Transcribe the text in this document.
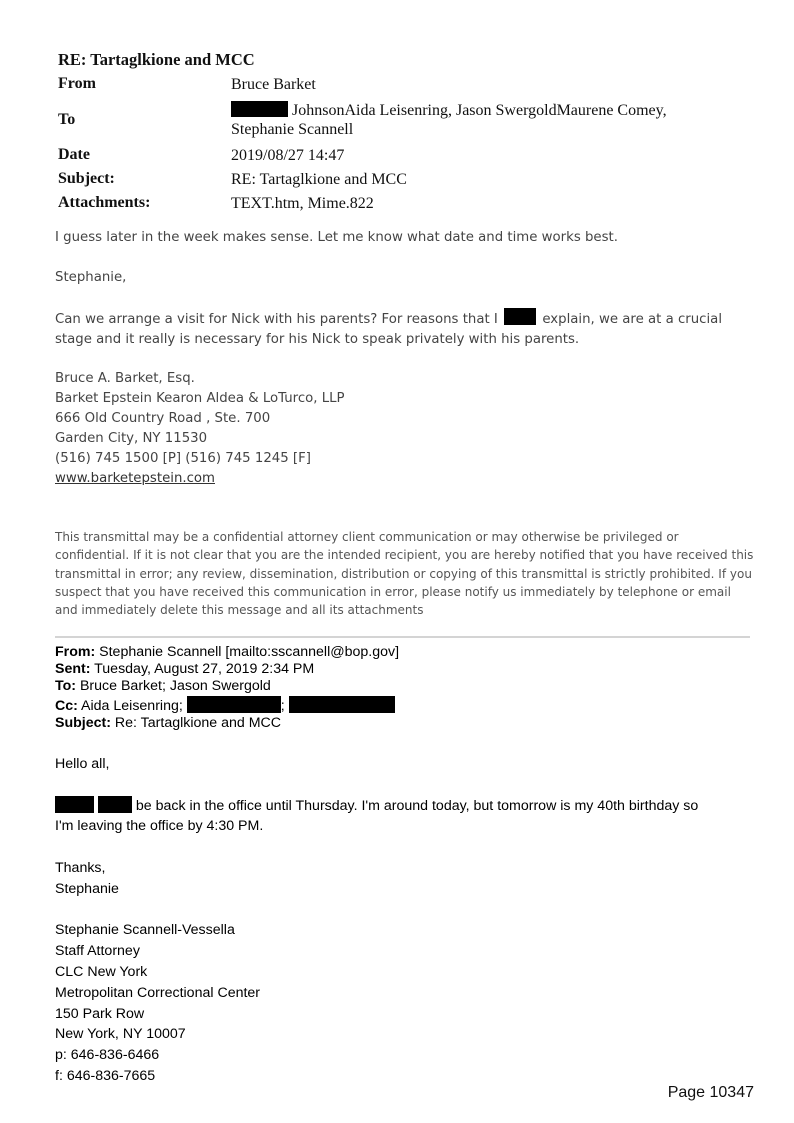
RE: Tartaglkione and MCC
From	Bruce Barket
To	JohnsonAida Leisenring, Jason SwergoldMaurene Comey,
Stephanie Scannell

Date	2019/08/27 14:47
Subject:	RE: Tartaglkione and MCC
Attachments:	TEXT.htm, Mime.822

I guess later in the week makes sense. Let me know what date and time works best.

Stephanie,

Can we arrange a visit for Nick with his parents? For reasons that I	explain, we are at a crucial stage and it really is necessary for his Nick to speak privately with his parents.

Bruce A. Barket, Esq.
Barket Epstein Kearon Aldea & LoTurco, LLP
666 Old Country Road , Ste. 700
Garden City, NY 11530
(516) 745 1500 [P] (516) 745 1245 [F]
www.barketepstein.com
This transmittal may be a confidential attorney client communication or may otherwise be privileged or confidential. If it is not clear that you are the intended recipient, you are hereby notified that you have received this transmittal in error; any review, dissemination, distribution or copying of this transmittal is strictly prohibited. If you suspect that you have received this communication in error, please notify us immediately by telephone or email and immediately delete this message and all its attachments
From: Stephanie Scannell [mailto:sscannell@bop.gov]
Sent: Tuesday, August 27, 2019 2:34 PM
To: Bruce Barket; Jason Swergold
Cc: Aida Leisenring;	;
Subject: Re: Tartaglkione and MCC

Hello all,

be back in the office until Thursday. I'm around today, but tomorrow is my 40th birthday so

I'm leaving the office by 4:30 PM.

Thanks,

Stephanie

Stephanie Scannell-Vessella

Staff Attorney

CLC New York

Metropolitan Correctional Center

150 Park Row

New York, NY 10007

p: 646-836-6466

f: 646-836-7665

Page 10347
